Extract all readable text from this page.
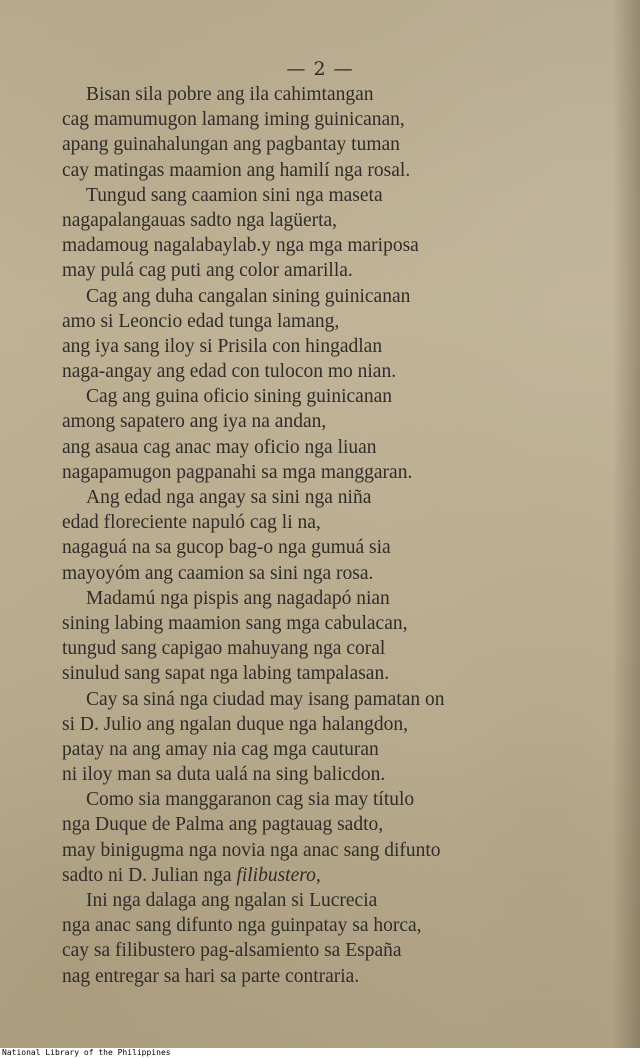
— 2 —
Bisan sila pobre ang ila cahimtangan
cag mamumugon lamang iming guinicanan,
apang guinahalungan ang pagbantay tuman
cay matingas maamion ang hamilí nga rosal.
Tungud sang caamion sini nga maseta
nagapalangauas sadto nga lagüerta,
madamoug nagalabaylab.y nga mga mariposa
may pulá cag puti ang color amarilla.
Cag ang duha cangalan sining guinicanan
amo si Leoncio edad tunga lamang,
ang iya sang iloy si Prisila con hingadlan
naga-angay ang edad con tulocon mo nian.
Cag ang guina oficio sining guinicanan
among sapatero ang iya na andan,
ang asaua cag anac may oficio nga liuan
nagapamugon pagpanahi sa mga manggaran.
Ang edad nga angay sa sini nga niña
edad floreciente napuló cag li na,
nagaguá na sa gucop bag-o nga gumuá sia
mayoyóm ang caamion sa sini nga rosa.
Madamú nga pispis ang nagadapó nian
sining labing maamion sang mga cabulacan,
tungud sang capigao mahuyang nga coral
sinulud sang sapat nga labing tampalasan.
Cay sa siná nga ciudad may isang pamatan on
si D. Julio ang ngalan duque nga halangdon,
patay na ang amay nia cag mga cauturan
ni iloy man sa duta ualá na sing balicdon.
Como sia manggaranon cag sia may título
nga Duque de Palma ang pagtauag sadto,
may binigugma nga novia nga anac sang difunto
sadto ni D. Julian nga filibustero,
Ini nga dalaga ang ngalan si Lucrecia
nga anac sang difunto nga guinpatay sa horca,
cay sa filibustero pag-alsamiento sa España
nag entregar sa hari sa parte contraria.
National Library of the Philippines
